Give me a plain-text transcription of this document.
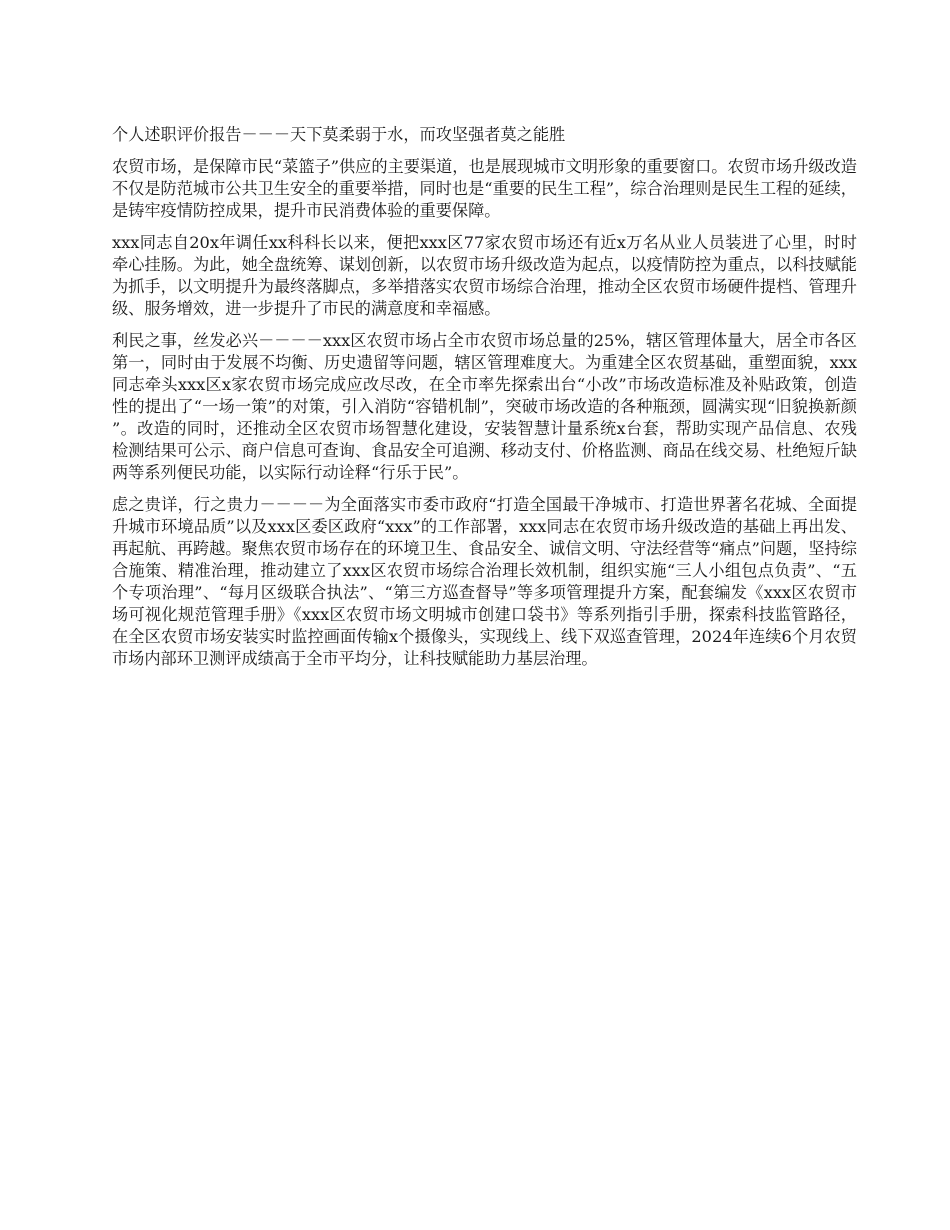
个人述职评价报告－－－天下莫柔弱于水，而攻坚强者莫之能胜

农贸市场，是保障市民“菜篮子”供应的主要渠道，也是展现城市文明形象的重要窗口。农贸市场升级改造不仅是防范城市公共卫生安全的重要举措，同时也是“重要的民生工程”，综合治理则是民生工程的延续，是铸牢疫情防控成果，提升市民消费体验的重要保障。

xxx同志自20x年调任xx科科长以来，便把xxx区77家农贸市场还有近x万名从业人员装进了心里，时时牵心挂肠。为此，她全盘统筹、谋划创新，以农贸市场升级改造为起点，以疫情防控为重点，以科技赋能为抓手，以文明提升为最终落脚点，多举措落实农贸市场综合治理，推动全区农贸市场硬件提档、管理升级、服务增效，进一步提升了市民的满意度和幸福感。

利民之事，丝发必兴－－－－xxx区农贸市场占全市农贸市场总量的25%，辖区管理体量大，居全市各区第一，同时由于发展不均衡、历史遗留等问题，辖区管理难度大。为重建全区农贸基础，重塑面貌，xxx同志牵头xxx区x家农贸市场完成应改尽改，在全市率先探索出台“小改”市场改造标准及补贴政策，创造性的提出了“一场一策”的对策，引入消防“容错机制”，突破市场改造的各种瓶颈，圆满实现“旧貌换新颜”。改造的同时，还推动全区农贸市场智慧化建设，安装智慧计量系统x台套，帮助实现产品信息、农残检测结果可公示、商户信息可查询、食品安全可追溯、移动支付、价格监测、商品在线交易、杜绝短斤缺两等系列便民功能，以实际行动诠释“行乐于民”。

虑之贵详，行之贵力－－－－为全面落实市委市政府“打造全国最干净城市、打造世界著名花城、全面提升城市环境品质”以及xxx区委区政府“xxx”的工作部署，xxx同志在农贸市场升级改造的基础上再出发、再起航、再跨越。聚焦农贸市场存在的环境卫生、食品安全、诚信文明、守法经营等“痛点”问题，坚持综合施策、精准治理，推动建立了xxx区农贸市场综合治理长效机制，组织实施“三人小组包点负责”、“五个专项治理”、“每月区级联合执法”、“第三方巡查督导”等多项管理提升方案，配套编发《xxx区农贸市场可视化规范管理手册》《xxx区农贸市场文明城市创建口袋书》等系列指引手册，探索科技监管路径，在全区农贸市场安装实时监控画面传输x个摄像头，实现线上、线下双巡查管理，2024年连续6个月农贸市场内部环卫测评成绩高于全市平均分，让科技赋能助力基层治理。
